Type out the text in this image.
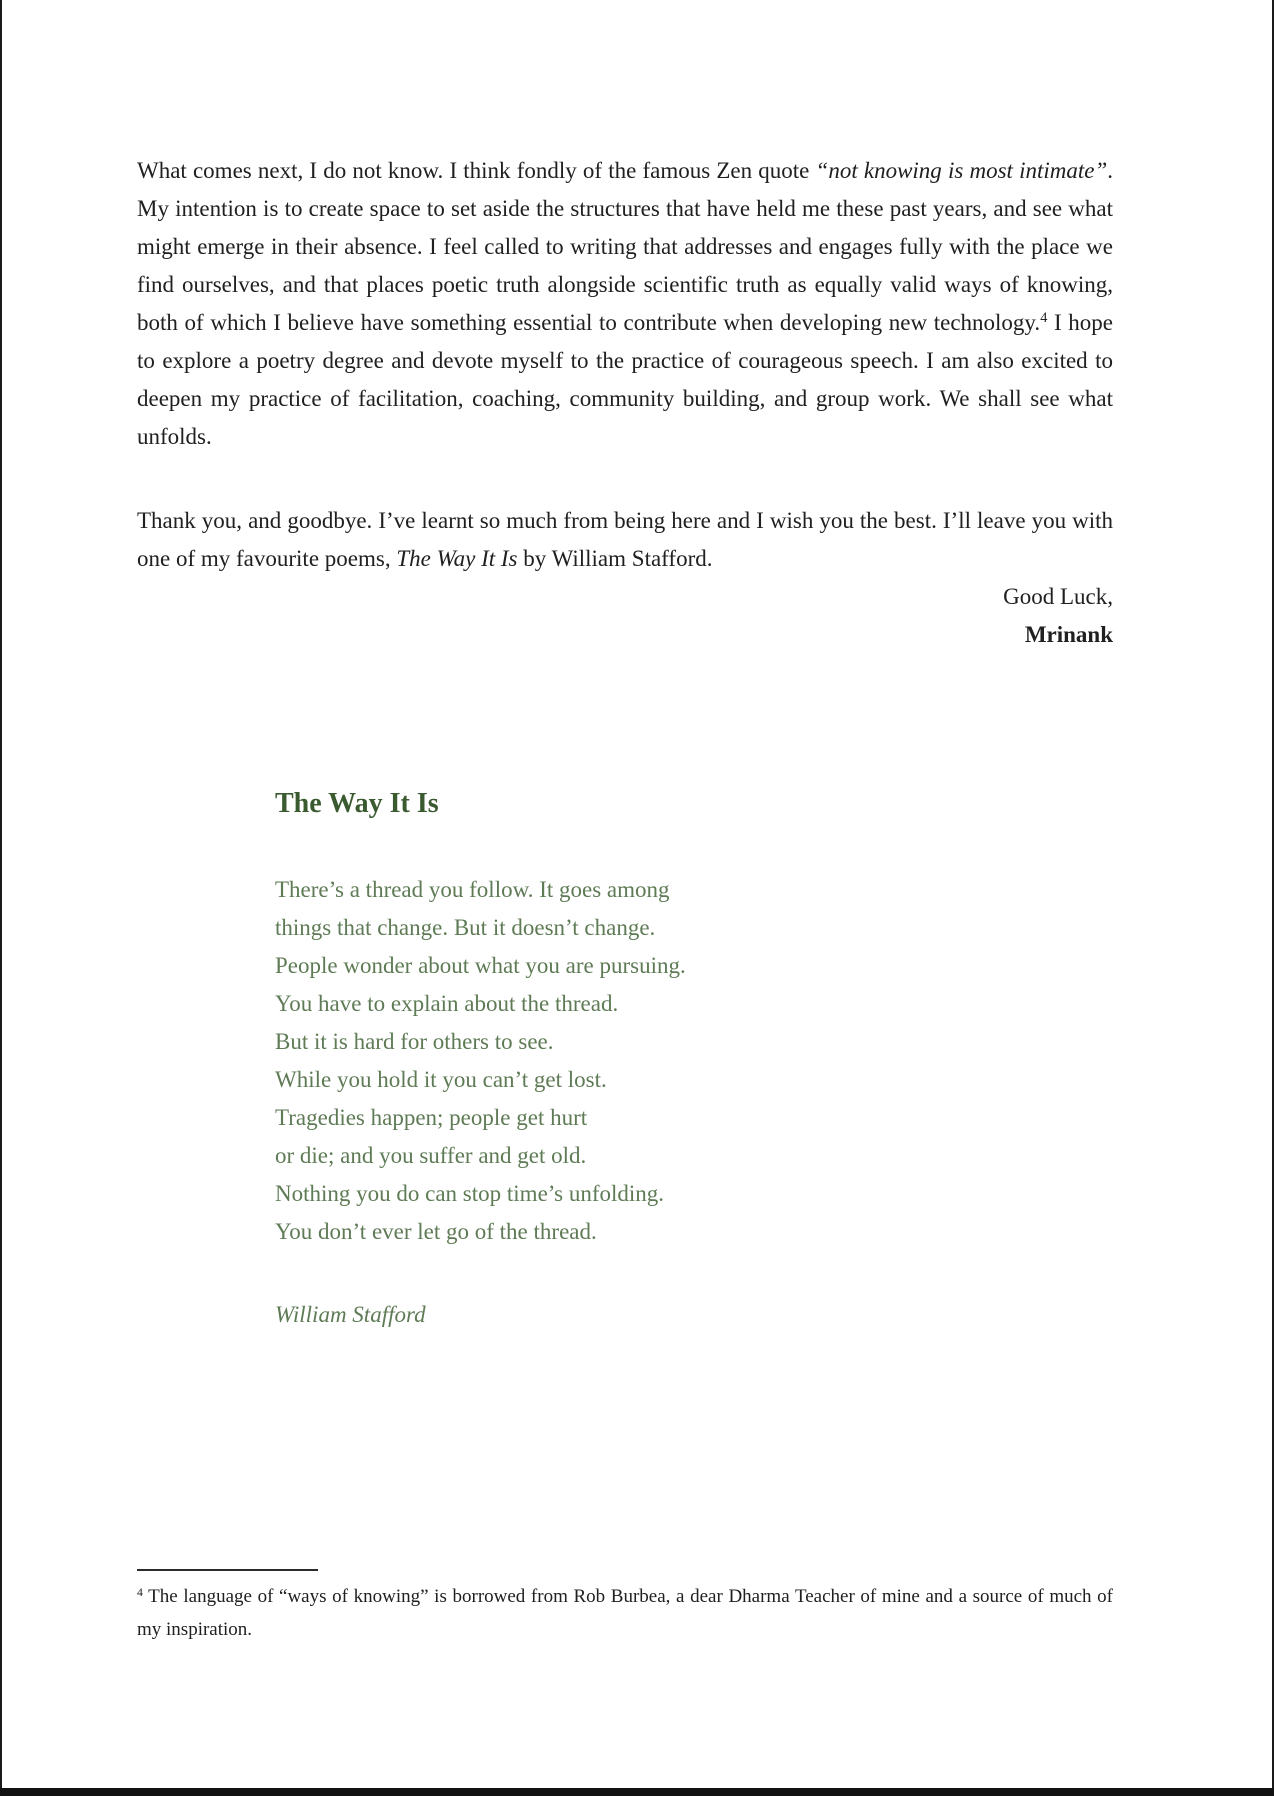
What comes next, I do not know. I think fondly of the famous Zen quote “not knowing is most intimate”. My intention is to create space to set aside the structures that have held me these past years, and see what might emerge in their absence. I feel called to writing that addresses and engages fully with the place we find ourselves, and that places poetic truth alongside scientific truth as equally valid ways of knowing, both of which I believe have something essential to contribute when developing new technology.$^4$ I hope to explore a poetry degree and devote myself to the practice of courageous speech. I am also excited to deepen my practice of facilitation, coaching, community building, and group work. We shall see what unfolds.

Thank you, and goodbye. I’ve learnt so much from being here and I wish you the best. I’ll leave you with one of my favourite poems, The Way It Is by William Stafford.

Good Luck,

Mrinank

The Way It Is
There’s a thread you follow. It goes among
things that change. But it doesn’t change.
People wonder about what you are pursuing.
You have to explain about the thread.
But it is hard for others to see.
While you hold it you can’t get lost.
Tragedies happen; people get hurt
or die; and you suffer and get old.
Nothing you do can stop time’s unfolding.
You don’t ever let go of the thread.
William Stafford

$^4$ The language of “ways of knowing” is borrowed from Rob Burbea, a dear Dharma Teacher of mine and a source of much of my inspiration.
